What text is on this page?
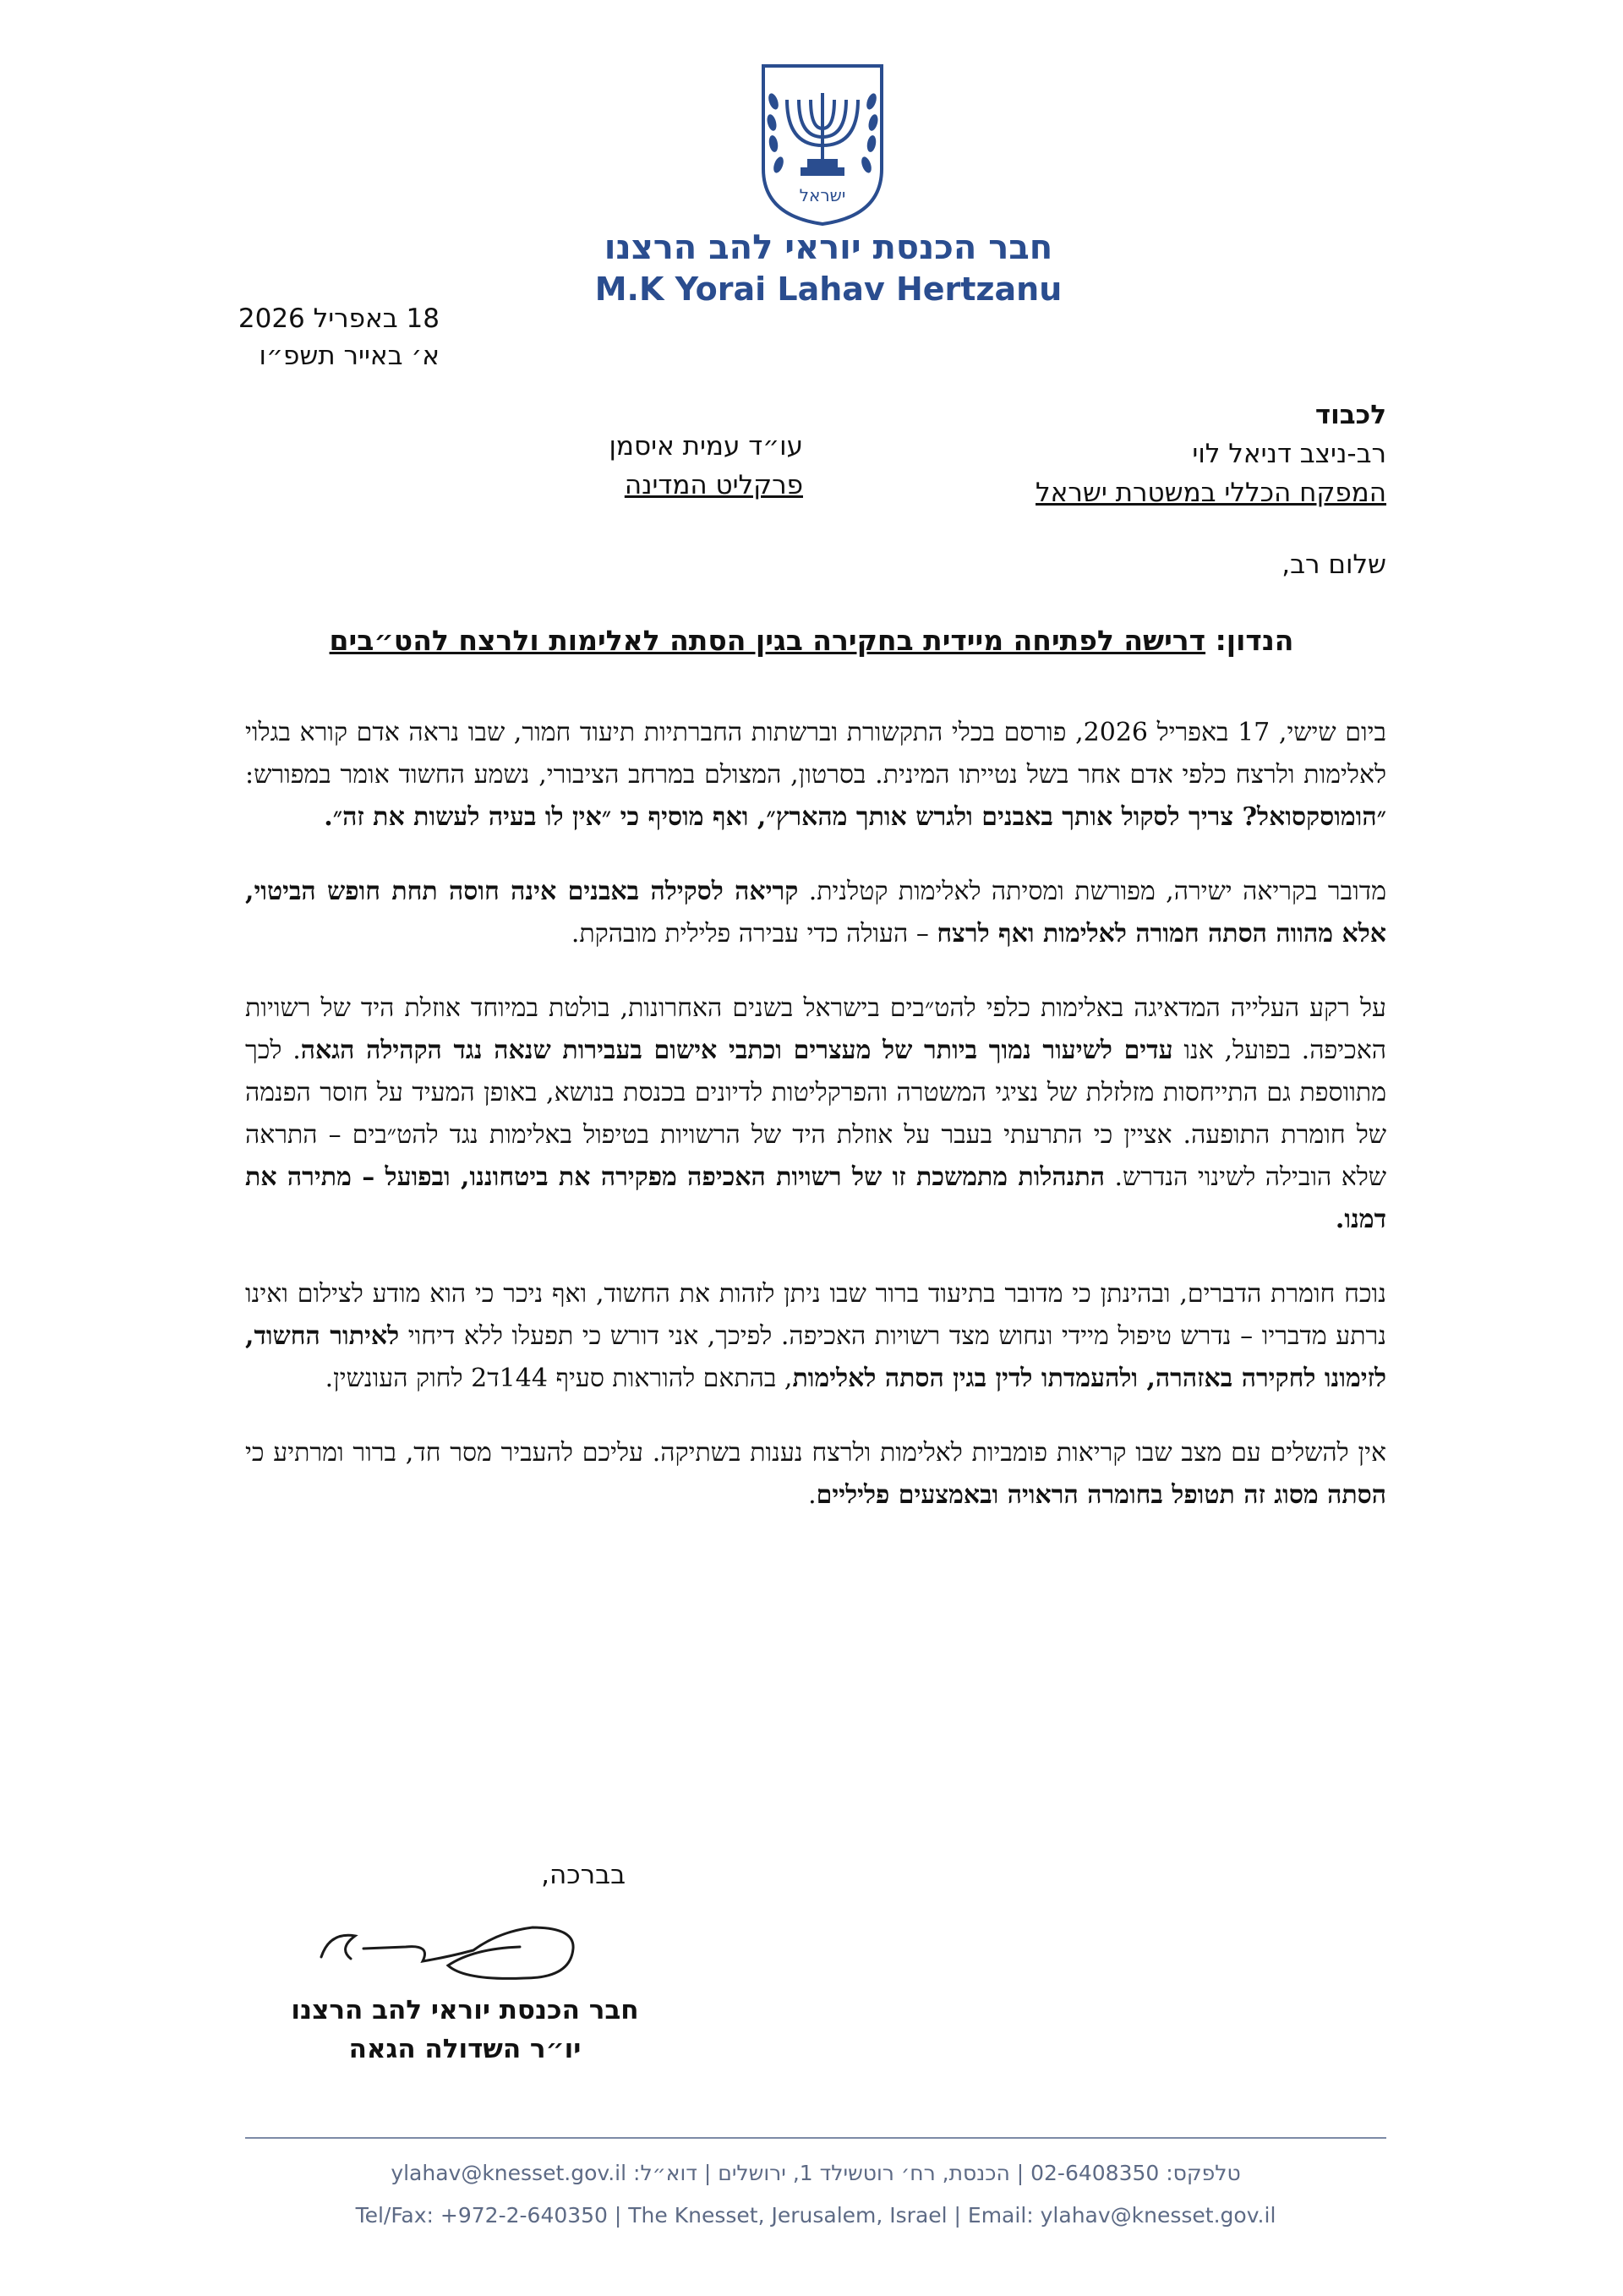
ישראל
חבר הכנסת יוראי להב הרצנו
M.K Yorai Lahav Hertzanu
18 באפריל 2026
א׳ באייר תשפ״ו
לכבוד
רב-ניצב דניאל לוי
המפקח הכללי במשטרת ישראל
עו״ד עמית איסמן
פרקליט המדינה
שלום רב,
הנדון: דרישה לפתיחה מיידית בחקירה בגין הסתה לאלימות ולרצח להט״בים

ביום שישי, 17 באפריל 2026, פורסם בכלי התקשורת וברשתות החברתיות תיעוד חמור, שבו נראה אדם קורא בגלוי לאלימות ולרצח כלפי אדם אחר בשל נטייתו המינית. בסרטון, המצולם במרחב הציבורי, נשמע החשוד אומר במפורש: ״הומוסקסואל? צריך לסקול אותך באבנים ולגרש אותך מהארץ״, ואף מוסיף כי ״אין לו בעיה לעשות את זה״.

מדובר בקריאה ישירה, מפורשת ומסיתה לאלימות קטלנית. קריאה לסקילה באבנים אינה חוסה תחת חופש הביטוי, אלא מהווה הסתה חמורה לאלימות ואף לרצח – העולה כדי עבירה פלילית מובהקת.

על רקע העלייה המדאיגה באלימות כלפי להט״בים בישראל בשנים האחרונות, בולטת במיוחד אוזלת היד של רשויות האכיפה. בפועל, אנו עדים לשיעור נמוך ביותר של מעצרים וכתבי אישום בעבירות שנאה נגד הקהילה הגאה. לכך מתווספת גם התייחסות מזלזלת של נציגי המשטרה והפרקליטות לדיונים בכנסת בנושא, באופן המעיד על חוסר הפנמה של חומרת התופעה. אציין כי התרעתי בעבר על אוזלת היד של הרשויות בטיפול באלימות נגד להט״בים – התראה שלא הובילה לשינוי הנדרש. התנהלות מתמשכת זו של רשויות האכיפה מפקירה את ביטחוננו, ובפועל – מתירה את דמנו.

נוכח חומרת הדברים, ובהינתן כי מדובר בתיעוד ברור שבו ניתן לזהות את החשוד, ואף ניכר כי הוא מודע לצילום ואינו נרתע מדבריו – נדרש טיפול מיידי ונחוש מצד רשויות האכיפה. לפיכך, אני דורש כי תפעלו ללא דיחוי לאיתור החשוד, לזימונו לחקירה באזהרה, ולהעמדתו לדין בגין הסתה לאלימות, בהתאם להוראות סעיף 144ד2 לחוק העונשין.

אין להשלים עם מצב שבו קריאות פומביות לאלימות ולרצח נענות בשתיקה. עליכם להעביר מסר חד, ברור ומרתיע כי הסתה מסוג זה תטופל בחומרה הראויה ובאמצעים פליליים.

בברכה,
חבר הכנסת יוראי להב הרצנו
יו״ר השדולה הגאה
טלפקס: 02-6408350 | הכנסת, רח׳ רוטשילד 1, ירושלים | דוא״ל: ylahav@knesset.gov.il
Tel/Fax: +972-2-640350 | The Knesset, Jerusalem, Israel | Email: ylahav@knesset.gov.il
